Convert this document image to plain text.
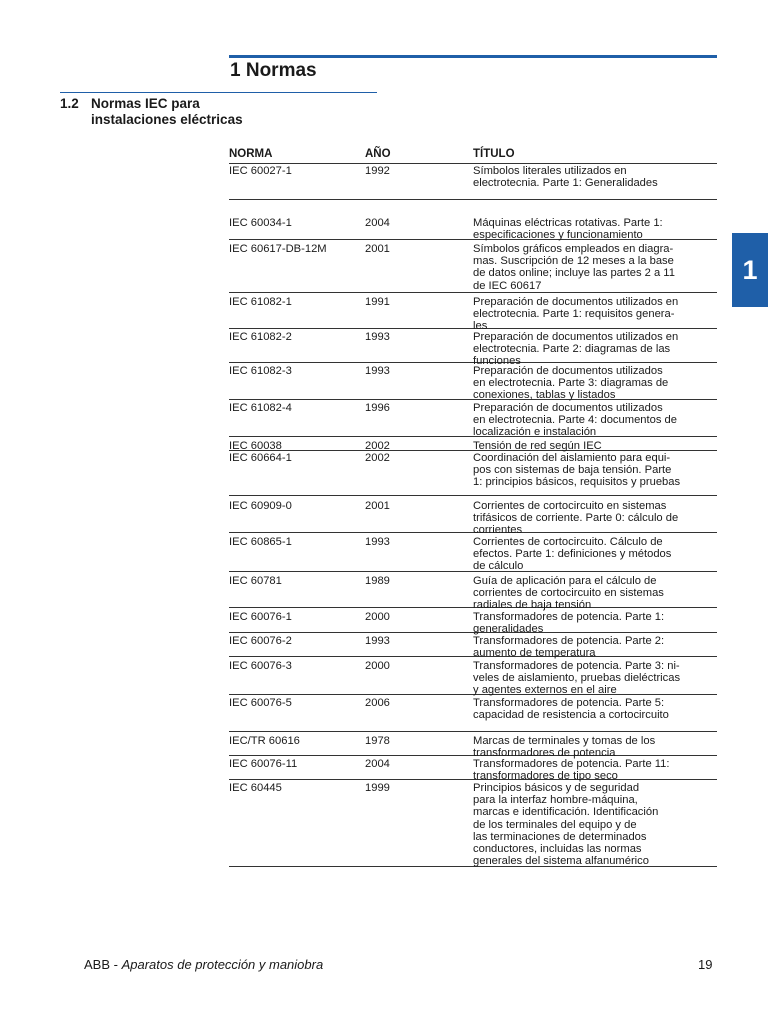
1 Normas
1.2 Normas IEC para
instalaciones eléctricas
1
NORMA	AÑO	TÍTULO
IEC 60027-1	1992	Símbolos literales utilizados en
electrotecnia. Parte 1: Generalidades
IEC 60034-1	2004	Máquinas eléctricas rotativas. Parte 1:
especificaciones y funcionamiento
IEC 60617-DB-12M	2001	Símbolos gráficos empleados en diagra-
mas. Suscripción de 12 meses a la base
de datos online; incluye las partes 2 a 11
de IEC 60617
IEC 61082-1	1991	Preparación de documentos utilizados en
electrotecnia. Parte 1: requisitos genera-
les
IEC 61082-2	1993	Preparación de documentos utilizados en
electrotecnia. Parte 2: diagramas de las
funciones
IEC 61082-3	1993	Preparación de documentos utilizados
en electrotecnia. Parte 3: diagramas de
conexiones, tablas y listados
IEC 61082-4	1996	Preparación de documentos utilizados
en electrotecnia. Parte 4: documentos de
localización e instalación
IEC 60038	2002	Tensión de red según IEC
IEC 60664-1	2002	Coordinación del aislamiento para equi-
pos con sistemas de baja tensión. Parte
1: principios básicos, requisitos y pruebas
IEC 60909-0	2001	Corrientes de cortocircuito en sistemas
trifásicos de corriente. Parte 0: cálculo de
corrientes
IEC 60865-1	1993	Corrientes de cortocircuito. Cálculo de
efectos. Parte 1: definiciones y métodos
de cálculo
IEC 60781	1989	Guía de aplicación para el cálculo de
corrientes de cortocircuito en sistemas
radiales de baja tensión
IEC 60076-1	2000	Transformadores de potencia. Parte 1:
generalidades
IEC 60076-2	1993	Transformadores de potencia. Parte 2:
aumento de temperatura
IEC 60076-3	2000	Transformadores de potencia. Parte 3: ni-
veles de aislamiento, pruebas dieléctricas
y agentes externos en el aire
IEC 60076-5	2006	Transformadores de potencia. Parte 5:
capacidad de resistencia a cortocircuito
IEC/TR 60616	1978	Marcas de terminales y tomas de los
transformadores de potencia
IEC 60076-11	2004	Transformadores de potencia. Parte 11:
transformadores de tipo seco
IEC 60445	1999	Principios básicos y de seguridad
para la interfaz hombre-máquina,
marcas e identificación. Identificación
de los terminales del equipo y de
las terminaciones de determinados
conductores, incluidas las normas
generales del sistema alfanumérico
ABB - Aparatos de protección y maniobra	19
